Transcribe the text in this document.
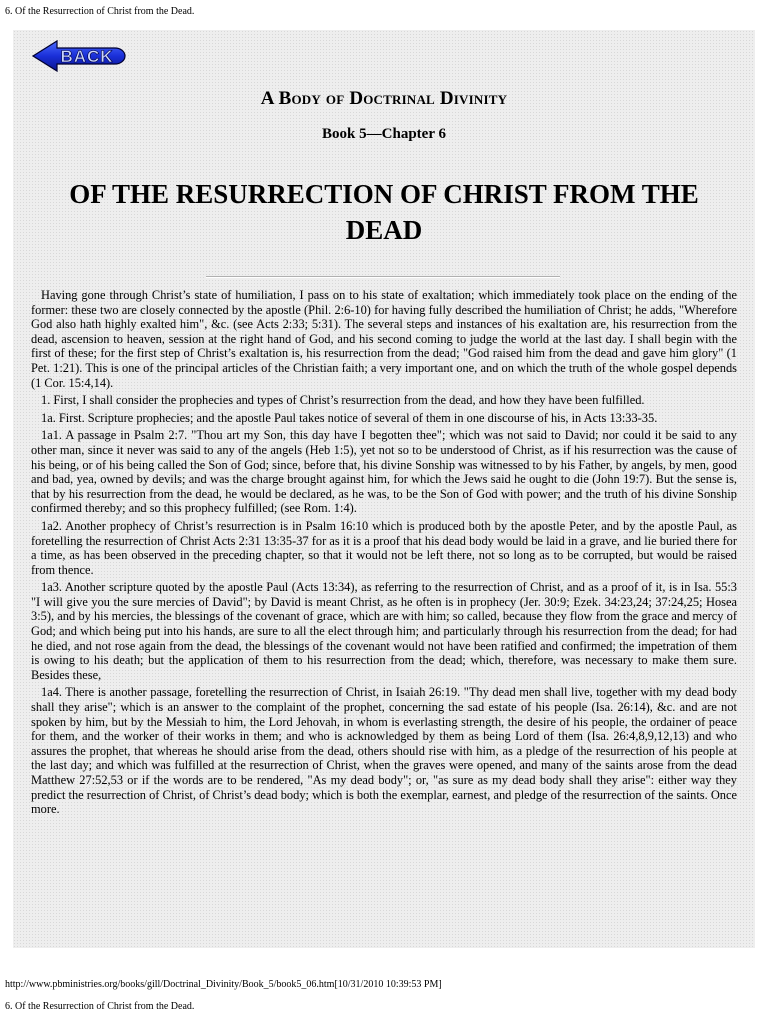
6. Of the Resurrection of Christ from the Dead.
BACK
A Body of Doctrinal Divinity
Book 5—Chapter 6
OF THE RESURRECTION OF CHRIST FROM THE DEAD

Having gone through Christ’s state of humiliation, I pass on to his state of exaltation; which immediately took place on the ending of the former: these two are closely connected by the apostle (Phil. 2:6-10) for having fully described the humiliation of Christ; he adds, "Wherefore God also hath highly exalted him", &c. (see Acts 2:33; 5:31). The several steps and instances of his exaltation are, his resurrection from the dead, ascension to heaven, session at the right hand of God, and his second coming to judge the world at the last day. I shall begin with the first of these; for the first step of Christ’s exaltation is, his resurrection from the dead; "God raised him from the dead and gave him glory" (1 Pet. 1:21). This is one of the principal articles of the Christian faith; a very important one, and on which the truth of the whole gospel depends (1 Cor. 15:4,14).

1. First, I shall consider the prophecies and types of Christ’s resurrection from the dead, and how they have been fulfilled.

1a. First. Scripture prophecies; and the apostle Paul takes notice of several of them in one discourse of his, in Acts 13:33-35.

1a1. A passage in Psalm 2:7. "Thou art my Son, this day have I begotten thee"; which was not said to David; nor could it be said to any other man, since it never was said to any of the angels (Heb 1:5), yet not so to be understood of Christ, as if his resurrection was the cause of his being, or of his being called the Son of God; since, before that, his divine Sonship was witnessed to by his Father, by angels, by men, good and bad, yea, owned by devils; and was the charge brought against him, for which the Jews said he ought to die (John 19:7). But the sense is, that by his resurrection from the dead, he would be declared, as he was, to be the Son of God with power; and the truth of his divine Sonship confirmed thereby; and so this prophecy fulfilled; (see Rom. 1:4).

1a2. Another prophecy of Christ’s resurrection is in Psalm 16:10 which is produced both by the apostle Peter, and by the apostle Paul, as foretelling the resurrection of Christ Acts 2:31 13:35-37 for as it is a proof that his dead body would be laid in a grave, and lie buried there for a time, as has been observed in the preceding chapter, so that it would not be left there, not so long as to be corrupted, but would be raised from thence.

1a3. Another scripture quoted by the apostle Paul (Acts 13:34), as referring to the resurrection of Christ, and as a proof of it, is in Isa. 55:3 "I will give you the sure mercies of David"; by David is meant Christ, as he often is in prophecy (Jer. 30:9; Ezek. 34:23,24; 37:24,25; Hosea 3:5), and by his mercies, the blessings of the covenant of grace, which are with him; so called, because they flow from the grace and mercy of God; and which being put into his hands, are sure to all the elect through him; and particularly through his resurrection from the dead; for had he died, and not rose again from the dead, the blessings of the covenant would not have been ratified and confirmed; the impetration of them is owing to his death; but the application of them to his resurrection from the dead; which, therefore, was necessary to make them sure. Besides these,

1a4. There is another passage, foretelling the resurrection of Christ, in Isaiah 26:19. "Thy dead men shall live, together with my dead body shall they arise"; which is an answer to the complaint of the prophet, concerning the sad estate of his people (Isa. 26:14), &c. and are not spoken by him, but by the Messiah to him, the Lord Jehovah, in whom is everlasting strength, the desire of his people, the ordainer of peace for them, and the worker of their works in them; and who is acknowledged by them as being Lord of them (Isa. 26:4,8,9,12,13) and who assures the prophet, that whereas he should arise from the dead, others should rise with him, as a pledge of the resurrection of his people at the last day; and which was fulfilled at the resurrection of Christ, when the graves were opened, and many of the saints arose from the dead Matthew 27:52,53 or if the words are to be rendered, "As my dead body"; or, "as sure as my dead body shall they arise": either way they predict the resurrection of Christ, of Christ’s dead body; which is both the exemplar, earnest, and pledge of the resurrection of the saints. Once more.

http://www.pbministries.org/books/gill/Doctrinal_Divinity/Book_5/book5_06.htm[10/31/2010 10:39:53 PM]
6. Of the Resurrection of Christ from the Dead.
